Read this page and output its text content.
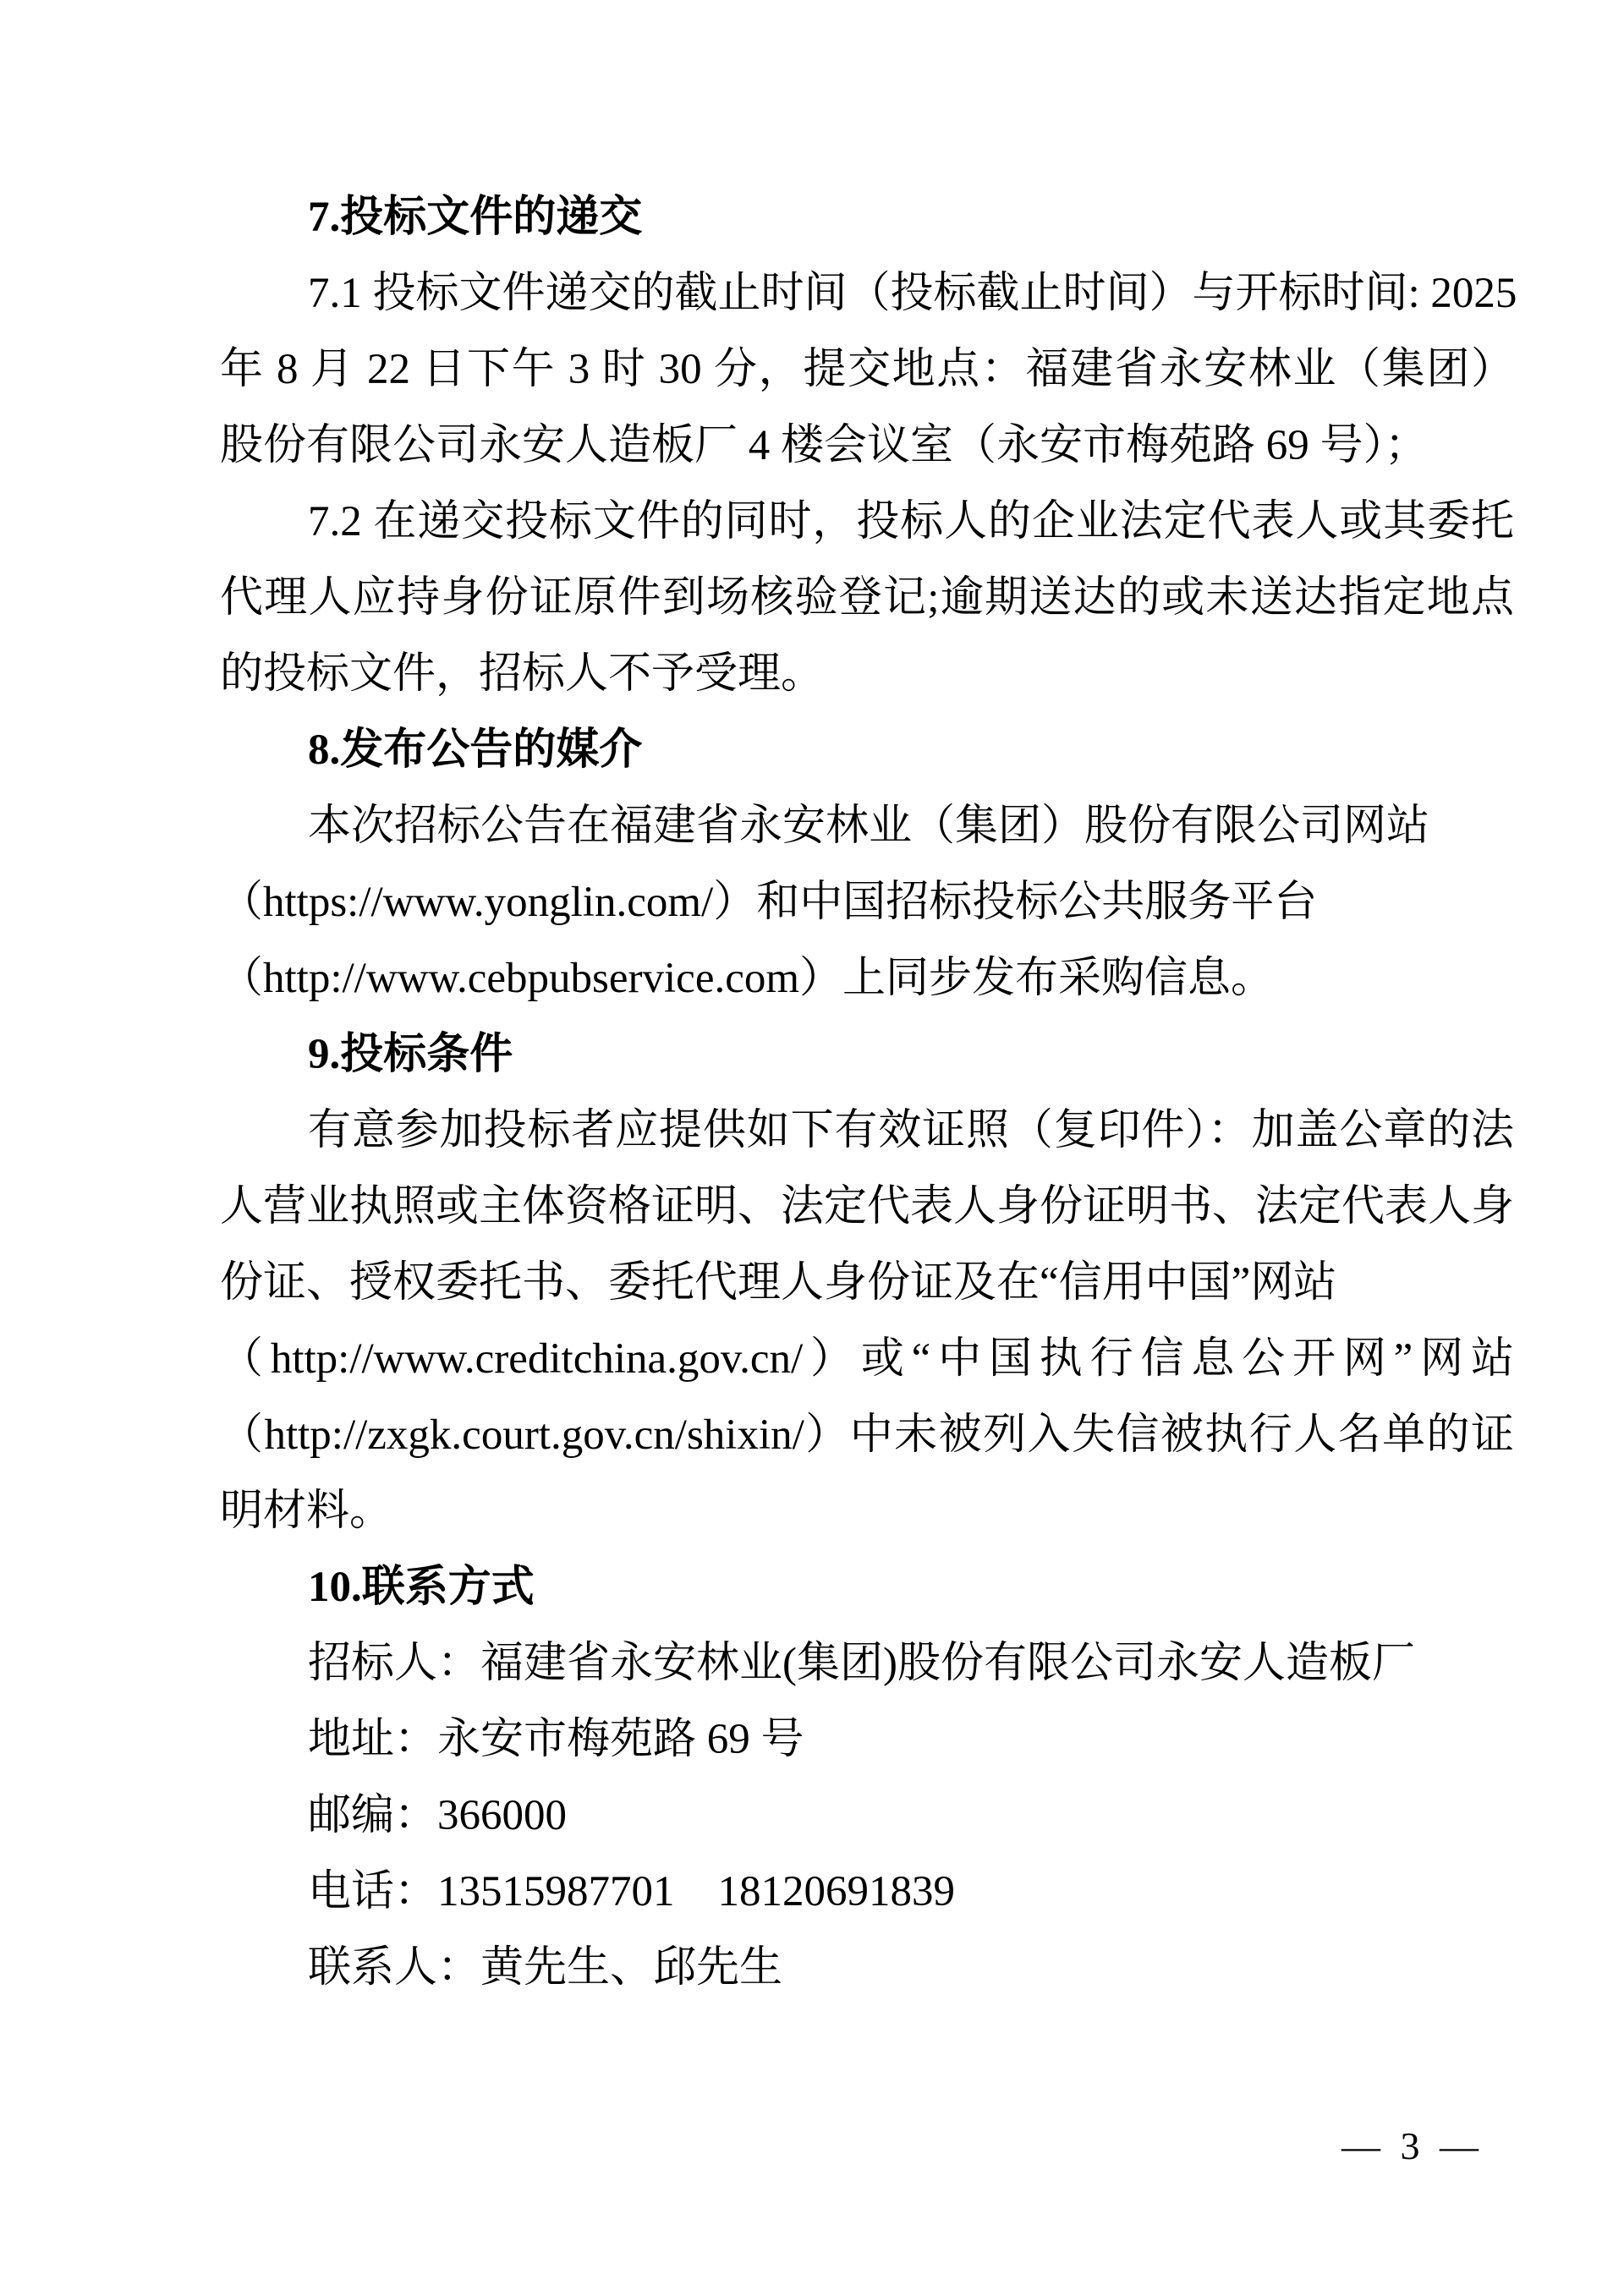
7.投标文件的递交
7.1 投标文件递交的截止时间（投标截止时间）与开标时间: 2025
年 8 月 22 日下午 3 时 30 分，提交地点：福建省永安林业（集团）
股份有限公司永安人造板厂 4 楼会议室（永安市梅苑路 69 号）；
7.2 在递交投标文件的同时，投标人的企业法定代表人或其委托
代理人应持身份证原件到场核验登记;逾期送达的或未送达指定地点
的投标文件，招标人不予受理。
8.发布公告的媒介
本次招标公告在福建省永安林业（集团）股份有限公司网站
（https://www.yonglin.com/）和中国招标投标公共服务平台
（http://www.cebpubservice.com）上同步发布采购信息。
9.投标条件
有意参加投标者应提供如下有效证照（复印件）：加盖公章的法
人营业执照或主体资格证明、法定代表人身份证明书、法定代表人身
份证、授权委托书、委托代理人身份证及在“信用中国”网站
（http://www.creditchina.gov.cn/）或“中国执行信息公开网”网站
（http://zxgk.court.gov.cn/shixin/）中未被列入失信被执行人名单的证
明材料。
10.联系方式
招标人：福建省永安林业(集团)股份有限公司永安人造板厂
地址：永安市梅苑路 69 号
邮编：366000
电话：13515987701    18120691839
联系人：黄先生、邱先生
— 3 —
